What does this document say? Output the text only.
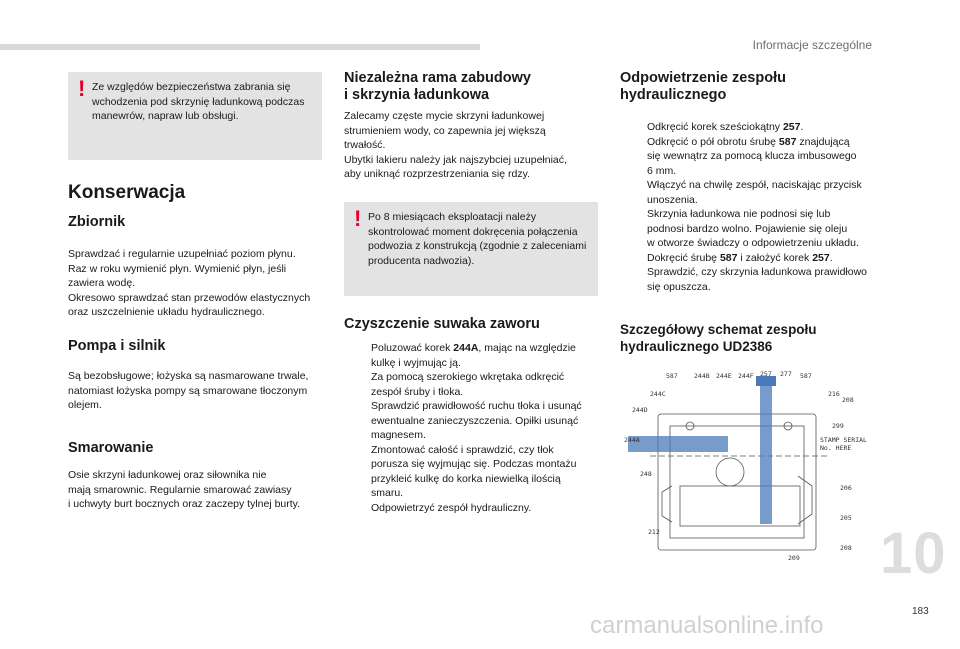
Informacje szczególne
! Ze względów bezpieczeństwa zabrania się
wchodzenia pod skrzynię ładunkową podczas
manewrów, napraw lub obsługi.
Konserwacja
Zbiornik
Sprawdzać i regularnie uzupełniać poziom płynu.
Raz w roku wymienić płyn. Wymienić płyn, jeśli
zawiera wodę.
Okresowo sprawdzać stan przewodów elastycznych
oraz uszczelnienie układu hydraulicznego.
Pompa i silnik
Są bezobsługowe; łożyska są nasmarowane trwale,
natomiast łożyska pompy są smarowane tłoczonym
olejem.
Smarowanie
Osie skrzyni ładunkowej oraz siłownika nie
mają smarownic. Regularnie smarować zawiasy
i uchwyty burt bocznych oraz zaczepy tylnej burty.
Niezależna rama zabudowy
i skrzynia ładunkowa
Zalecamy częste mycie skrzyni ładunkowej
strumieniem wody, co zapewnia jej większą
trwałość.
Ubytki lakieru należy jak najszybciej uzupełniać,
aby uniknąć rozprzestrzeniania się rdzy.
! Po 8 miesiącach eksploatacji należy
skontrolować moment dokręcenia połączenia
podwozia z konstrukcją (zgodnie z zaleceniami
producenta nadwozia).
Czyszczenie suwaka zaworu
Poluzować korek 244A, mając na względzie
kulkę i wyjmując ją.
Za pomocą szerokiego wkrętaka odkręcić
zespół śruby i tłoka.
Sprawdzić prawidłowość ruchu tłoka i usunąć
ewentualne zanieczyszczenia. Opiłki usunąć
magnesem.
Zmontować całość i sprawdzić, czy tłok
porusza się wyjmując się. Podczas montażu
przykleić kulkę do korka niewielką ilością
smaru.
Odpowietrzyć zespół hydrauliczny.
Odpowietrzenie zespołu
hydraulicznego
Odkręcić korek sześciokątny 257.
Odkręcić o pół obrotu śrubę 587 znajdującą
się wewnątrz za pomocą klucza imbusowego
6 mm.
Włączyć na chwilę zespół, naciskając przycisk
unoszenia.
Skrzynia ładunkowa nie podnosi się lub
podnosi bardzo wolno. Pojawienie się oleju
w otworze świadczy o odpowietrzeniu układu.
Dokręcić śrubę 587 i założyć korek 257.
Sprawdzić, czy skrzynia ładunkowa prawidłowo
się opuszcza.
Szczegółowy schemat zespołu
hydraulicznego UD2386
587	244B 244E 244F 257 277 587
244C
244D
244A
248
212
216
208
299
206
205
208
209
STAMP SERIAL
No. HERE
10
183
carmanualsonline.info
